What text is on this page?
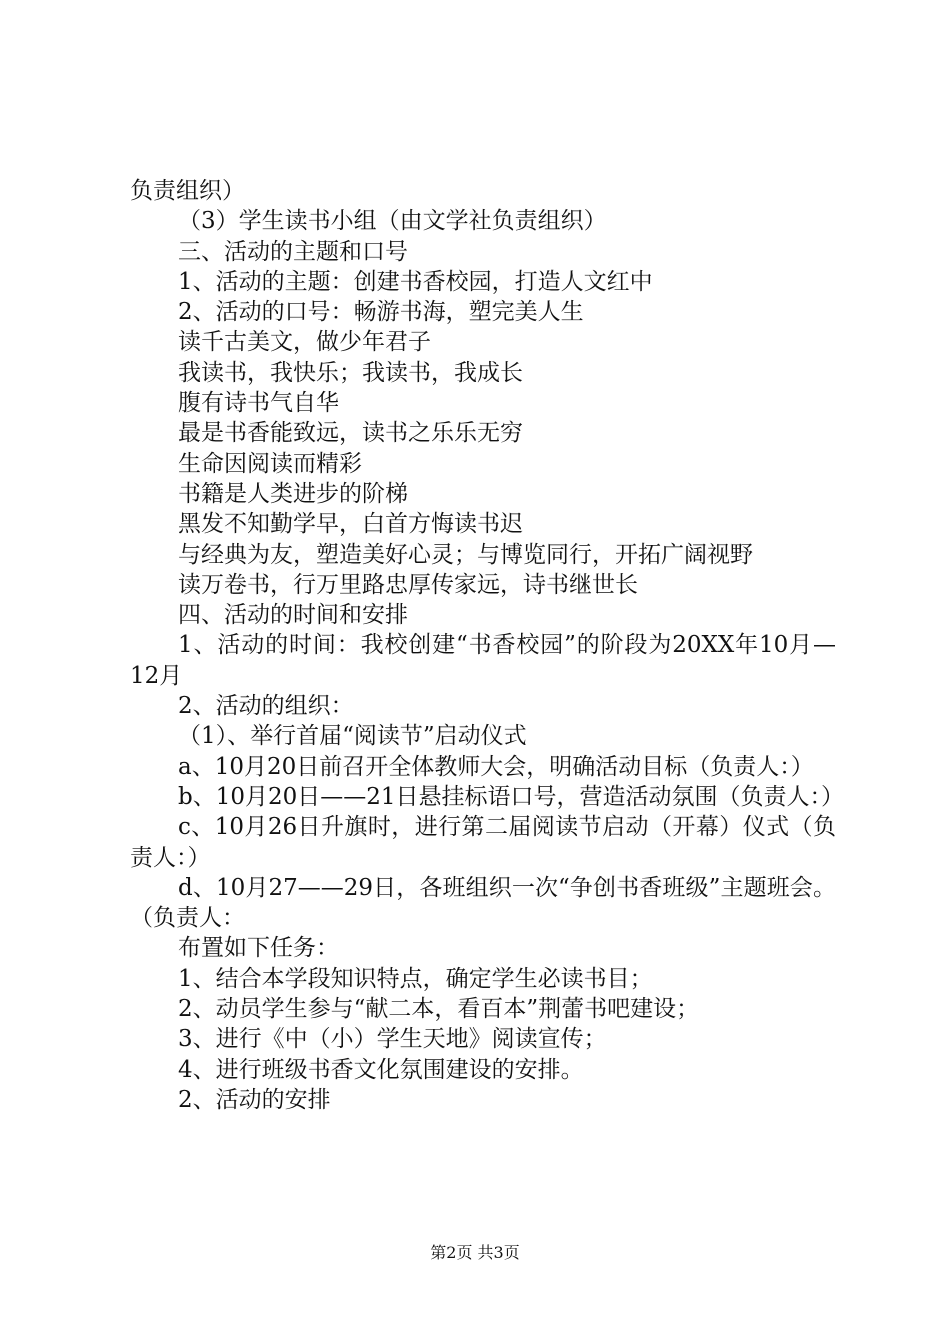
负责组织）

（3）学生读书小组（由文学社负责组织）

三、活动的主题和口号

1、活动的主题：创建书香校园，打造人文红中

2、活动的口号：畅游书海，塑完美人生

读千古美文，做少年君子

我读书，我快乐；我读书，我成长

腹有诗书气自华

最是书香能致远，读书之乐乐无穷

生命因阅读而精彩

书籍是人类进步的阶梯

黑发不知勤学早，白首方悔读书迟

与经典为友，塑造美好心灵；与博览同行，开拓广阔视野

读万卷书，行万里路忠厚传家远，诗书继世长

四、活动的时间和安排

1、活动的时间：我校创建“书香校园”的阶段为20XX年10月—12月

2、活动的组织：

（1）、举行首届“阅读节”启动仪式

a、10月20日前召开全体教师大会，明确活动目标（负责人：）

b、10月20日——21日悬挂标语口号，营造活动氛围（负责人：）

c、10月26日升旗时，进行第二届阅读节启动（开幕）仪式（负责人：）

d、10月27——29日，各班组织一次“争创书香班级”主题班会。（负责人：

布置如下任务：

1、结合本学段知识特点，确定学生必读书目；

2、动员学生参与“献二本，看百本”荆蕾书吧建设；

3、进行《中（小）学生天地》阅读宣传；

4、进行班级书香文化氛围建设的安排。

2、活动的安排

第2页 共3页
